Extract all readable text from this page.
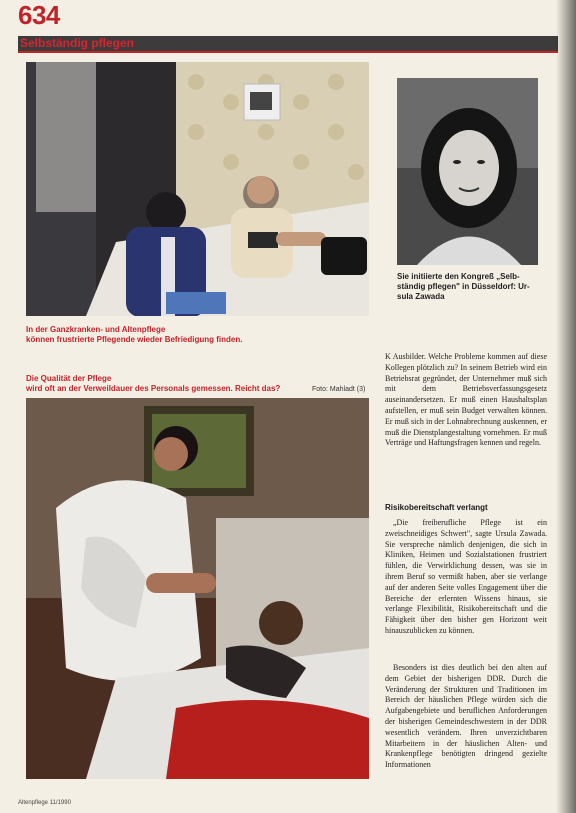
634
Selbständig pflegen
Sie initiierte den Kongreß „Selb-
ständig pflegen" in Düsseldorf: Ur-
sula Zawada
In der Ganzkranken- und Altenpflege
können frustrierte Pflegende wieder Befriedigung finden.
Die Qualität der Pflege
wird oft an der Verweildauer des Personals gemessen. Reicht das?	Foto: Mahladt (3)
K Ausbilder. Welche Probleme kommen auf diese Kollegen plötzlich zu? In seinem Betrieb wird ein Betriebsrat gegründet, der Unternehmer muß sich mit dem Betriebsverfassungsgesetz auseinandersetzen. Er muß einen Haushaltsplan aufstellen, er muß sein Budget verwalten können. Er muß sich in der Lohnabrechnung auskennen, er muß die Dienstplangestaltung vornehmen. Er muß Verträge und Haftungsfragen kennen und regeln.
Risikobereitschaft verlangt
„Die freiberufliche Pflege ist ein zweischneidiges Schwert", sagte Ursula Zawada. Sie verspreche nämlich denjenigen, die sich in Kliniken, Heimen und Sozialstationen frustriert fühlen, die Verwirklichung dessen, was sie in ihrem Beruf so vermißt haben, aber sie verlange auf der anderen Seite volles Engagement über die Bereiche der erlernten Wissens hinaus, sie verlange Flexibilität, Risikobereitschaft und die Fähigkeit über den bisher gen Horizont weit hinauszublicken zu können.
Besonders ist dies deutlich bei den alten auf dem Gebiet der bisherigen DDR. Durch die Veränderung der Strukturen und Traditionen im Bereich der häuslichen Pflege würden sich die Aufgabengebiete und beruflichen Anforderungen der bisherigen Gemeindeschwestern in der DDR wesentlich verändern. Ihren unverzichtbaren Mitarbeitern in der häuslichen Alten- und Krankenpflege benötigten dringend gezielte Informationen
Altenpflege 11/1990
